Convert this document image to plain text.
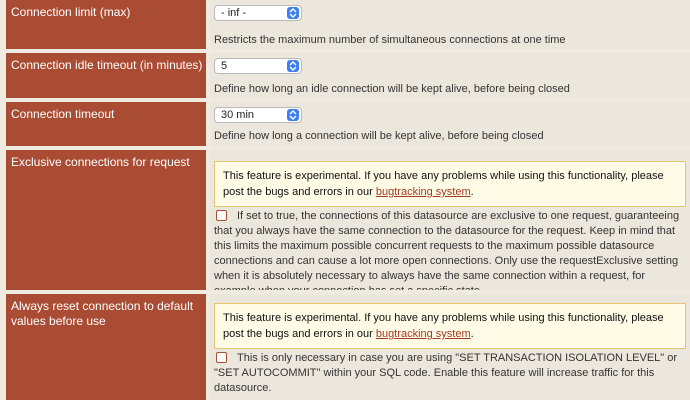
Connection limit (max)	- inf -
Restricts the maximum number of simultaneous connections at one time
Connection idle timeout (in minutes)	5
Define how long an idle connection will be kept alive, before being closed
Connection timeout	30 min
Define how long a connection will be kept alive, before being closed
Exclusive connections for request
This feature is experimental. If you have any problems while using this functionality, please post the bugs and errors in our bugtracking system.
If set to true, the connections of this datasource are exclusive to one request, guaranteeing that you always have the same connection to the datasource for the request. Keep in mind that this limits the maximum possible concurrent requests to the maximum possible datasource connections and can cause a lot more open connections. Only use the requestExclusive setting when it is absolutely necessary to always have the same connection within a request, for
Always reset connection to default values before use	This feature is experimental. If you have any problems while using this functionality, please post the bugs and errors in our bugtracking system.
This is only necessary in case you are using "SET TRANSACTION ISOLATION LEVEL" or "SET AUTOCOMMIT" within your SQL code. Enable this feature will increase traffic for this datasource.
